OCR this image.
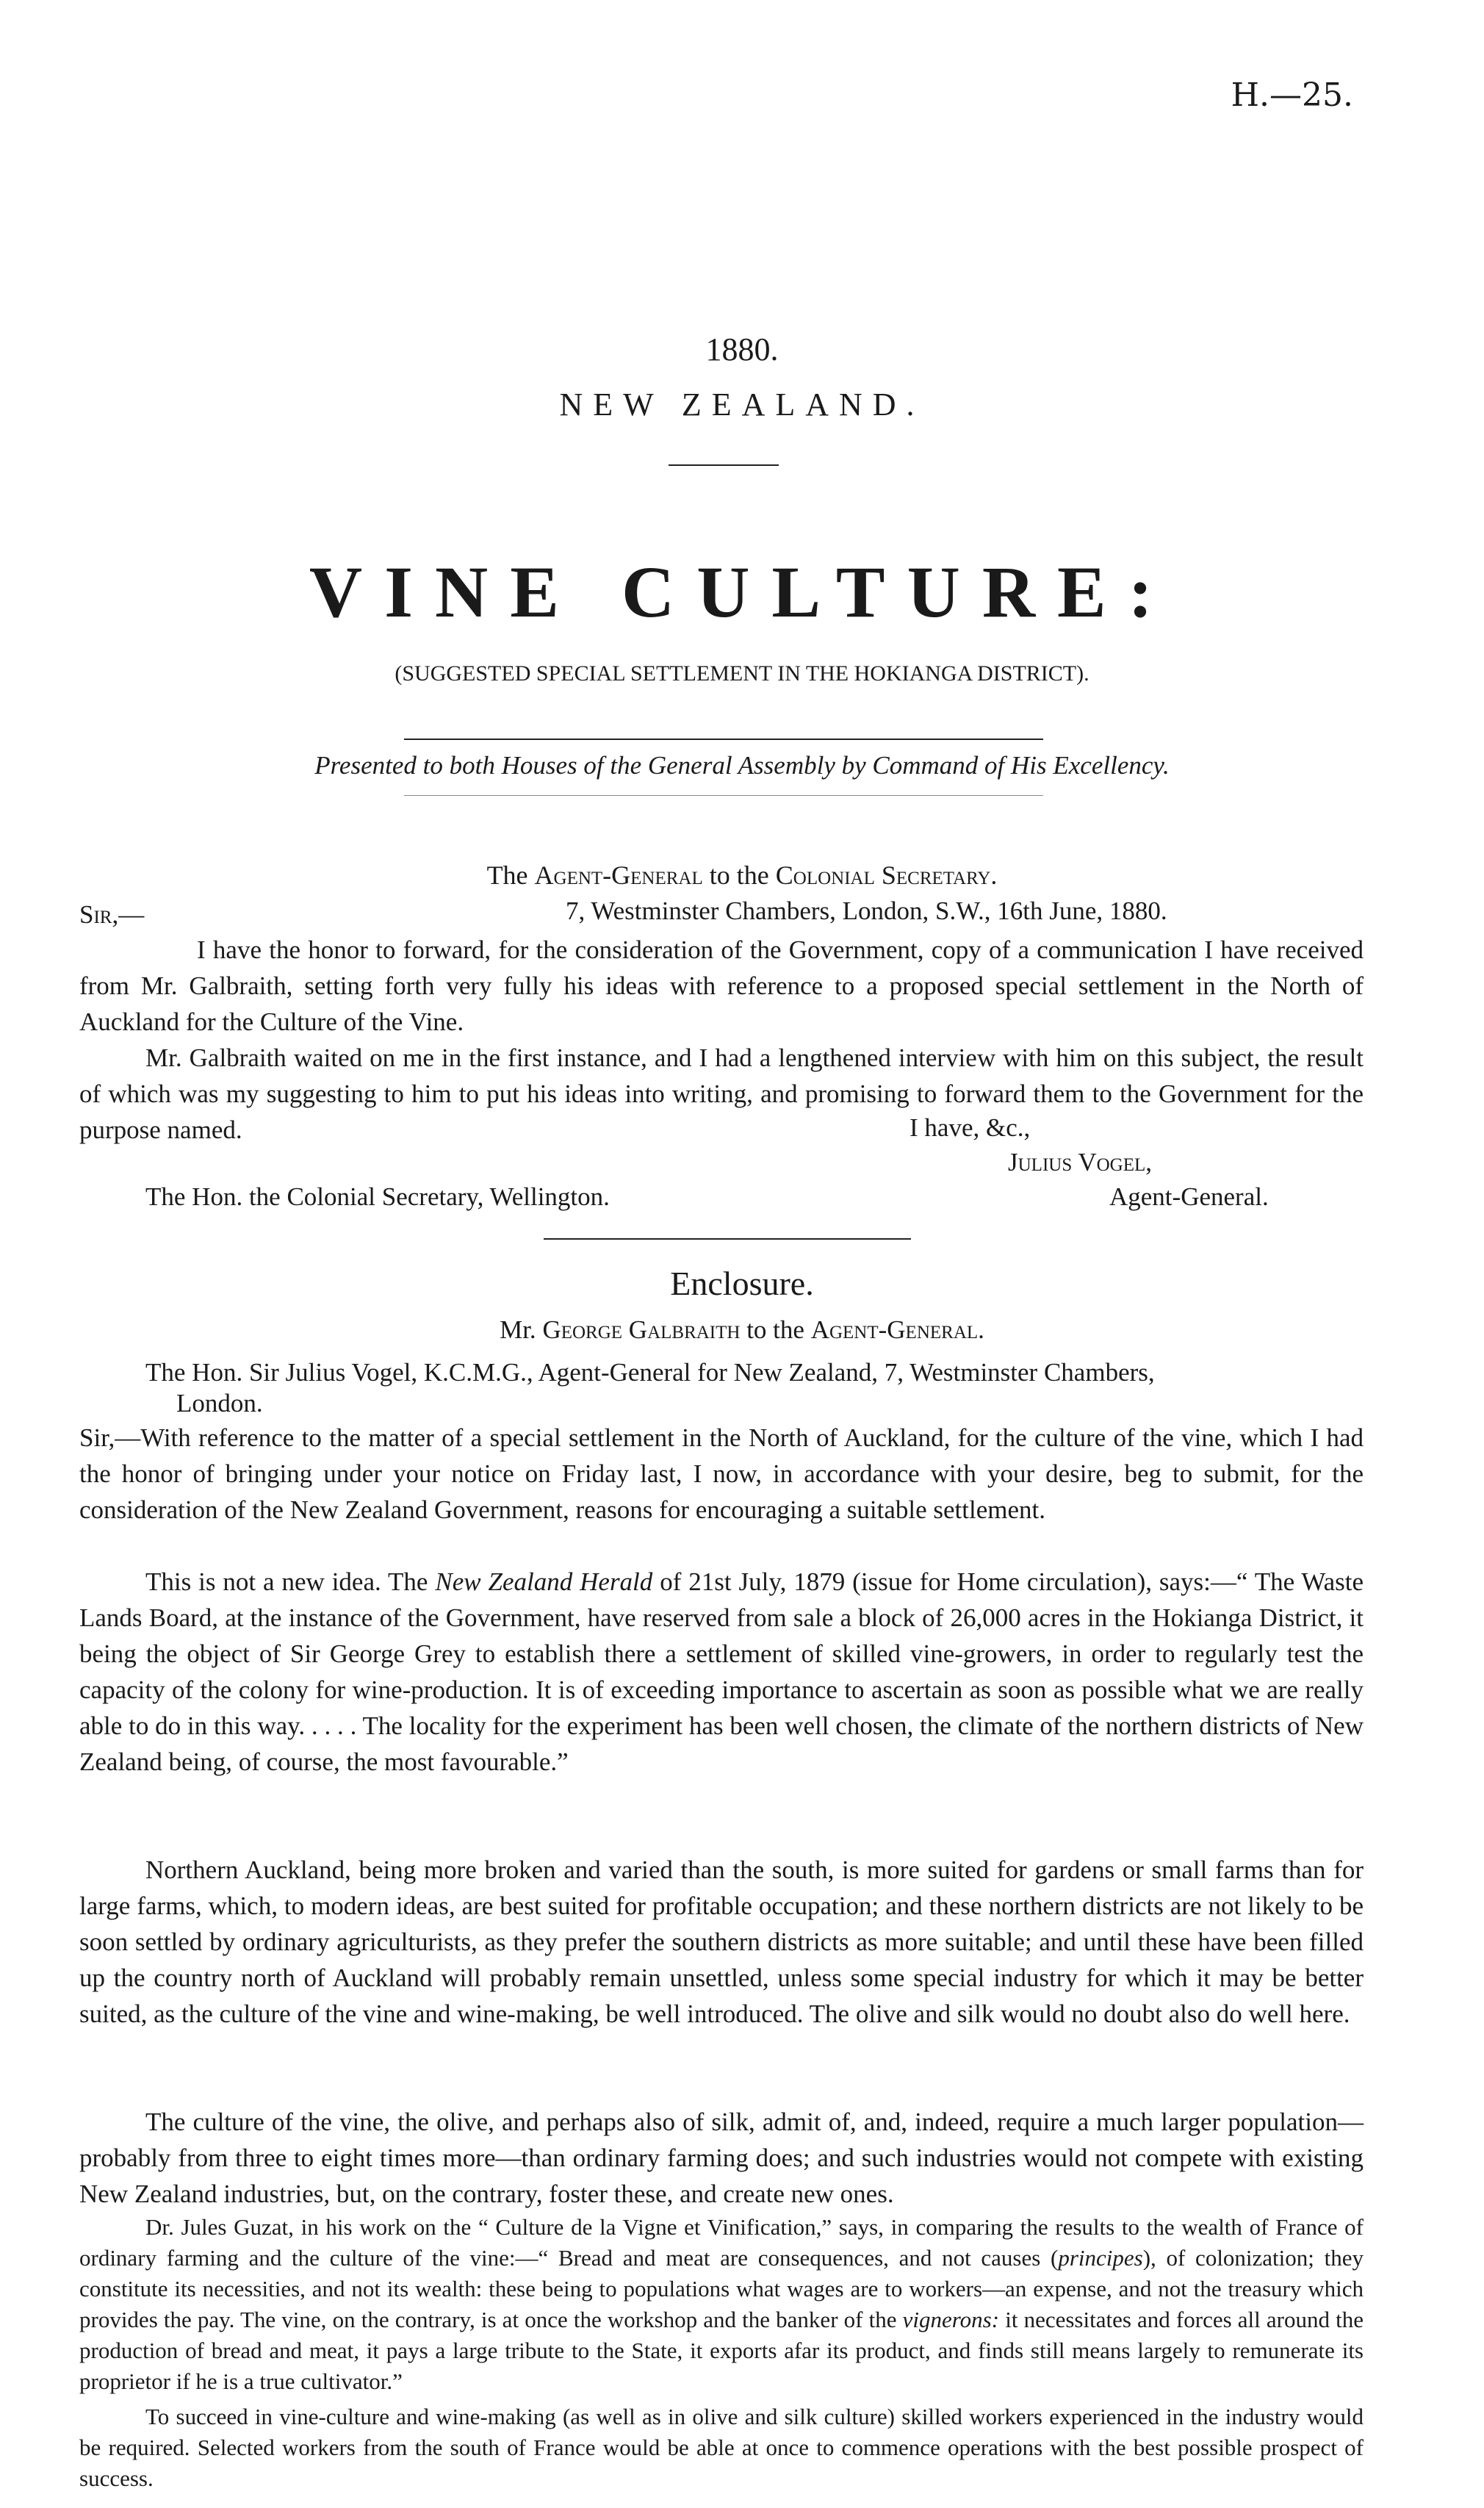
H.—25.
1880.
NEW ZEALAND.
VINE CULTURE:
(SUGGESTED SPECIAL SETTLEMENT IN THE HOKIANGA DISTRICT).
Presented to both Houses of the General Assembly by Command of His Excellency.
The Agent-General to the Colonial Secretary.
Sir,—	7, Westminster Chambers, London, S.W., 16th June, 1880.

I have the honor to forward, for the consideration of the Government, copy of a communication I have received from Mr. Galbraith, setting forth very fully his ideas with reference to a proposed special settlement in the North of Auckland for the Culture of the Vine.

Mr. Galbraith waited on me in the first instance, and I had a lengthened interview with him on this subject, the result of which was my suggesting to him to put his ideas into writing, and promising to forward them to the Government for the purpose named.	I have, &c.,
Julius Vogel,
The Hon. the Colonial Secretary, Wellington.	Agent-General.
Enclosure.
Mr. George Galbraith to the Agent-General.
The Hon. Sir Julius Vogel, K.C.M.G., Agent-General for New Zealand, 7, Westminster Chambers,
London.

Sir,—With reference to the matter of a special settlement in the North of Auckland, for the culture of the vine, which I had the honor of bringing under your notice on Friday last, I now, in accordance with your desire, beg to submit, for the consideration of the New Zealand Government, reasons for encouraging a suitable settlement.

This is not a new idea. The New Zealand Herald of 21st July, 1879 (issue for Home circulation), says:—“ The Waste Lands Board, at the instance of the Government, have reserved from sale a block of 26,000 acres in the Hokianga District, it being the object of Sir George Grey to establish there a settlement of skilled vine-growers, in order to regularly test the capacity of the colony for wine-production. It is of exceeding importance to ascertain as soon as possible what we are really able to do in this way. . . . . The locality for the experiment has been well chosen, the climate of the northern districts of New Zealand being, of course, the most favourable.”

Northern Auckland, being more broken and varied than the south, is more suited for gardens or small farms than for large farms, which, to modern ideas, are best suited for profitable occupation; and these northern districts are not likely to be soon settled by ordinary agriculturists, as they prefer the southern districts as more suitable; and until these have been filled up the country north of Auckland will probably remain unsettled, unless some special industry for which it may be better suited, as the culture of the vine and wine-making, be well introduced. The olive and silk would no doubt also do well here.

The culture of the vine, the olive, and perhaps also of silk, admit of, and, indeed, require a much larger population—probably from three to eight times more—than ordinary farming does; and such industries would not compete with existing New Zealand industries, but, on the contrary, foster these, and create new ones.

Dr. Jules Guzat, in his work on the “ Culture de la Vigne et Vinification,” says, in comparing the results to the wealth of France of ordinary farming and the culture of the vine:—“ Bread and meat are consequences, and not causes (principes), of colonization; they constitute its necessities, and not its wealth: these being to populations what wages are to workers—an expense, and not the treasury which provides the pay. The vine, on the contrary, is at once the workshop and the banker of the vignerons: it necessitates and forces all around the production of bread and meat, it pays a large tribute to the State, it exports afar its product, and finds still means largely to remunerate its proprietor if he is a true cultivator.”

To succeed in vine-culture and wine-making (as well as in olive and silk culture) skilled workers experienced in the industry would be required. Selected workers from the south of France would be able at once to commence operations with the best possible prospect of success.
